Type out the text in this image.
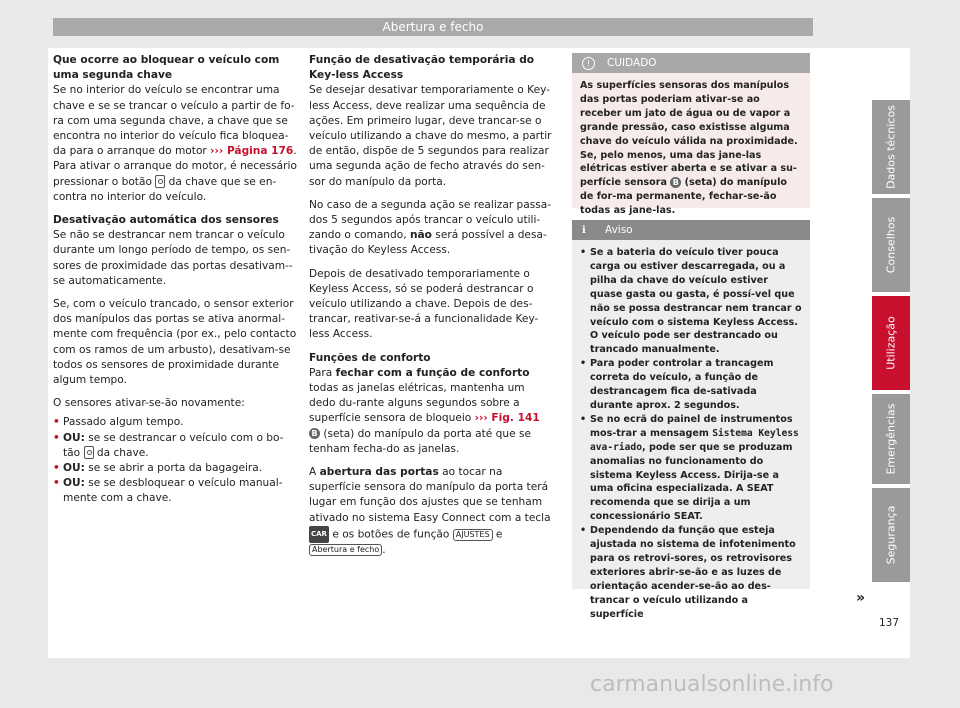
Abertura e fecho
Que ocorre ao bloquear o veículo com uma segunda chave

Se no interior do veículo se encontrar uma chave e se se trancar o veículo a partir de fo-ra com uma segunda chave, a chave que se encontra no interior do veículo fica bloquea-da para o arranque do motor ››› Página 176. Para ativar o arranque do motor, é necessário pressionar o botão  da chave que se en-contra no interior do veículo.

Desativação automática dos sensores

Se não se destrancar nem trancar o veículo durante um longo período de tempo, os sen-sores de proximidade das portas desativam--se automaticamente.

Se, com o veículo trancado, o sensor exterior dos manípulos das portas se ativa anormal-mente com frequência (por ex., pelo contacto com os ramos de um arbusto), desativam-se todos os sensores de proximidade durante algum tempo.

O sensores ativar-se-ão novamente:

• Passado algum tempo.
• OU: se se destrancar o veículo com o bo-tão  da chave.
• OU: se se abrir a porta da bagageira.
• OU: se se desbloquear o veículo manual-mente com a chave.
Função de desativação temporária do Key-less Access

Se desejar desativar temporariamente o Key-less Access, deve realizar uma sequência de ações. Em primeiro lugar, deve trancar-se o veículo utilizando a chave do mesmo, a partir de então, dispõe de 5 segundos para realizar uma segunda ação de fecho através do sen-sor do manípulo da porta.

No caso de a segunda ação se realizar passa-dos 5 segundos após trancar o veículo utili-zando o comando, não será possível a desa-tivação do Keyless Access.

Depois de desativado temporariamente o Keyless Access, só se poderá destrancar o veículo utilizando a chave. Depois de des-trancar, reativar-se-á a funcionalidade Key-less Access.

Funções de conforto

Para fechar com a função de conforto todas as janelas elétricas, mantenha um dedo du-rante alguns segundos sobre a superfície sensora de bloqueio ››› Fig. 141 B (seta) do manípulo da porta até que se tenham fecha-do as janelas.

A abertura das portas ao tocar na superfície sensora do manípulo da porta terá lugar em função dos ajustes que se tenham ativado no sistema Easy Connect com a tecla CAR e os botões de função AJUSTES e Abertura e fecho .

! CUIDADO
As superfícies sensoras dos manípulos das portas poderiam ativar-se ao receber um jato de água ou de vapor a grande pressão, caso existisse alguma chave do veículo válida na proximidade. Se, pelo menos, uma das jane-las elétricas estiver aberta e se ativar a su-perfície sensora B (seta) do manípulo de for-ma permanente, fechar-se-ão todas as jane-las.
ℹ Aviso
• Se a bateria do veículo tiver pouca carga ou estiver descarregada, ou a pilha da chave do veículo estiver quase gasta ou gasta, é possí-vel que não se possa destrancar nem trancar o veículo com o sistema Keyless Access. O veículo pode ser destrancado ou trancado manualmente.
• Para poder controlar a trancagem correta do veículo, a função de destrancagem fica de-sativada durante aprox. 2 segundos.
• Se no ecrã do painel de instrumentos mos-trar a mensagem Sistema Keyless ava-riado, pode ser que se produzam anomalias no funcionamento do sistema Keyless Access. Dirija-se a uma oficina especializada. A SEAT recomenda que se dirija a um concessionário SEAT.
• Dependendo da função que esteja ajustada no sistema de infotenimento para os retrovi-sores, os retrovisores exteriores abrir-se-ão e as luzes de orientação acender-se-ão ao des-trancar o veículo utilizando a superfície
»
Dados técnicos
Conselhos
Utilização
Emergências
Segurança
137
carmanualsonline.info
